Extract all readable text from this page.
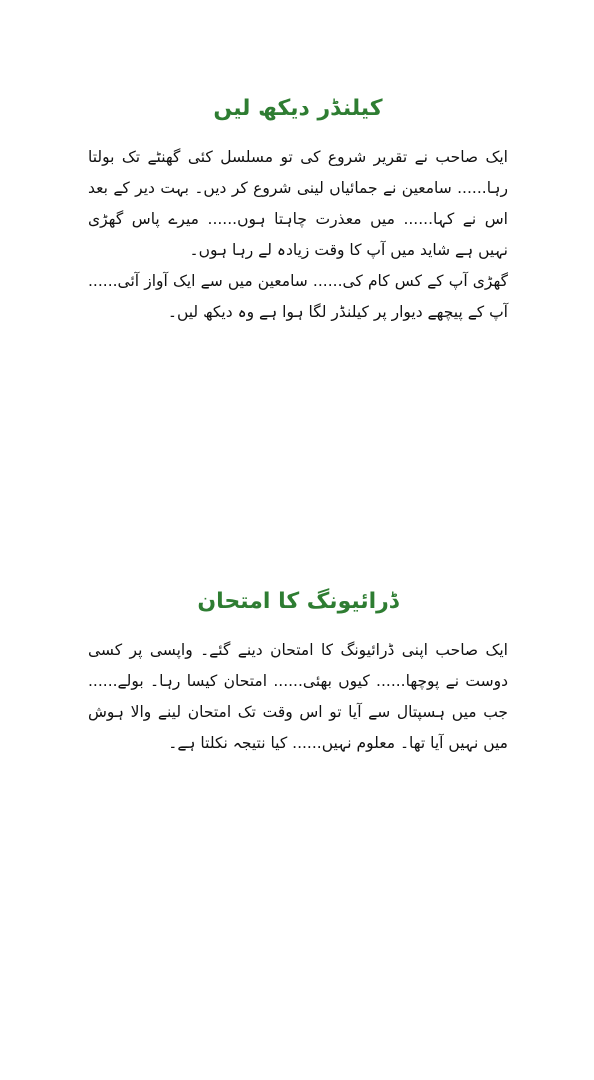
کیلنڈر دیکھ لیں

ایک صاحب نے تقریر شروع کی تو مسلسل کئی گھنٹے تک بولتا رہا...... سامعین نے جمائیاں لینی شروع کر دیں۔ بہت دیر کے بعد اس نے کہا...... میں معذرت چاہتا ہوں...... میرے پاس گھڑی نہیں ہے شاید میں آپ کا وقت زیادہ لے رہا ہوں۔

گھڑی آپ کے کس کام کی...... سامعین میں سے ایک آواز آئی...... آپ کے پیچھے دیوار پر کیلنڈر لگا ہوا ہے وہ دیکھ لیں۔

ڈرائیونگ کا امتحان

ایک صاحب اپنی ڈرائیونگ کا امتحان دینے گئے۔ واپسی پر کسی دوست نے پوچھا...... کیوں بھئی...... امتحان کیسا رہا۔ بولے...... جب میں ہسپتال سے آیا تو اس وقت تک امتحان لینے والا ہوش میں نہیں آیا تھا۔ معلوم نہیں...... کیا نتیجہ نکلتا ہے۔
